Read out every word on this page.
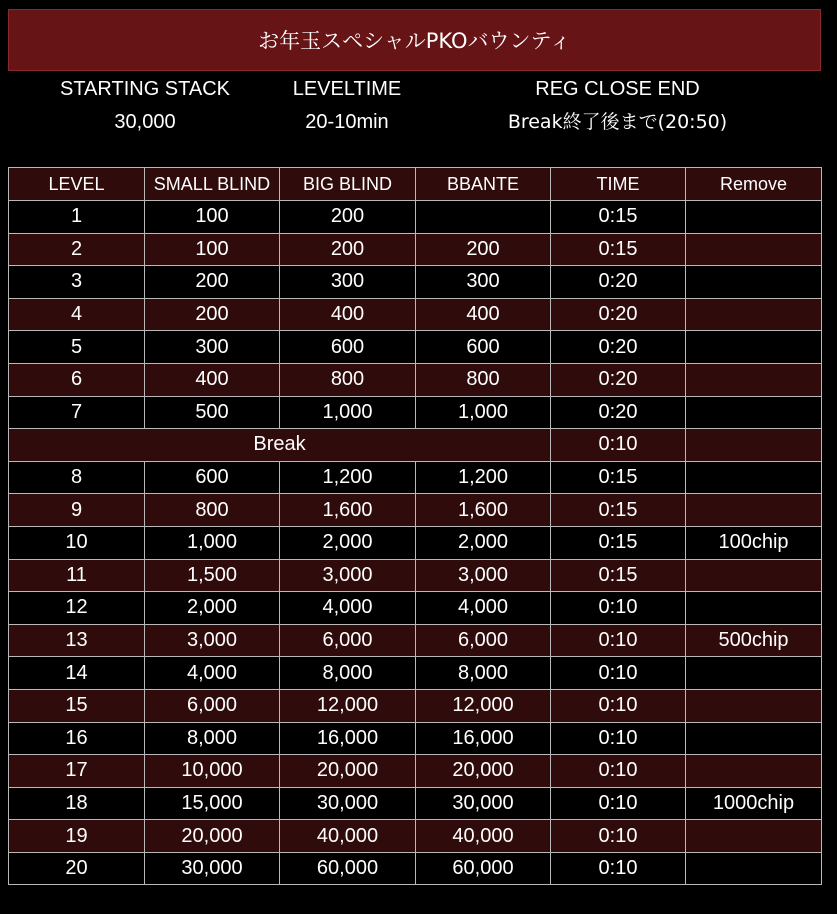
お年玉スペシャルPKOバウンティ
STARTING STACK
30,000
LEVELTIME
20-10min
REG CLOSE END
Break終了後まで(20:50)
LEVEL	SMALL BLIND	BIG BLIND	BBANTE	TIME	Remove
1	100	200		0:15	
2	100	200	200	0:15	
3	200	300	300	0:20	
4	200	400	400	0:20	
5	300	600	600	0:20	
6	400	800	800	0:20	
7	500	1,000	1,000	0:20	
Break				0:10	
8	600	1,200	1,200	0:15	
9	800	1,600	1,600	0:15	
10	1,000	2,000	2,000	0:15	100chip
11	1,500	3,000	3,000	0:15	
12	2,000	4,000	4,000	0:10	
13	3,000	6,000	6,000	0:10	500chip
14	4,000	8,000	8,000	0:10	
15	6,000	12,000	12,000	0:10	
16	8,000	16,000	16,000	0:10	
17	10,000	20,000	20,000	0:10	
18	15,000	30,000	30,000	0:10	1000chip
19	20,000	40,000	40,000	0:10	
20	30,000	60,000	60,000	0:10	
